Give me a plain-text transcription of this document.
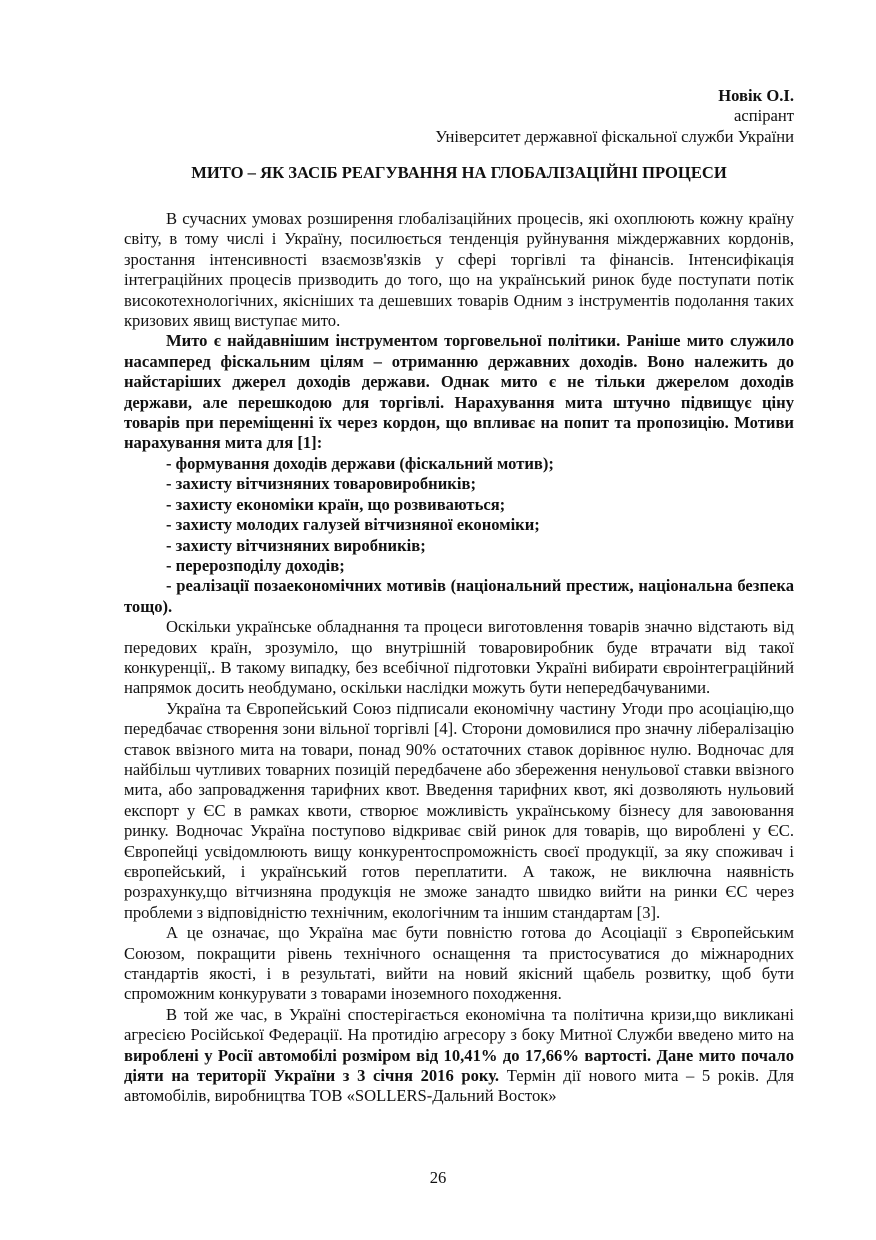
Новік О.І.
аспірант
Університет державної фіскальної служби України
МИТО – ЯК ЗАСІБ РЕАГУВАННЯ НА ГЛОБАЛІЗАЦІЙНІ ПРОЦЕСИ

В сучасних умовах розширення глобалізаційних процесів, які охоплюють кожну країну світу, в тому числі і Україну, посилюється тенденція руйнування міждержавних кордонів, зростання інтенсивності взаємозв'язків у сфері торгівлі та фінансів. Інтенсифікація інтеграційних процесів призводить до того, що на український ринок буде поступати потік високотехнологічних, якісніших та дешевших товарів Одним з інструментів подолання таких кризових явищ виступає мито.

Мито є найдавнішим інструментом торговельної політики. Раніше мито служило насамперед фіскальним цілям – отриманню державних доходів. Воно належить до найстаріших джерел доходів держави. Однак мито є не тільки джерелом доходів держави, але перешкодою для торгівлі. Нарахування мита штучно підвищує ціну товарів при переміщенні їх через кордон, що впливає на попит та пропозицію. Мотиви нарахування мита для [1]:

- формування доходів держави (фіскальний мотив);

- захисту вітчизняних товаровиробників;

- захисту економіки країн, що розвиваються;

- захисту молодих галузей вітчизняної економіки;

- захисту вітчизняних виробників;

- перерозподілу доходів;

- реалізації позаекономічних мотивів (національний престиж, національна безпека тощо).

Оскільки українське обладнання та процеси виготовлення товарів значно відстають від передових країн, зрозуміло, що внутрішній товаровиробник буде втрачати від такої конкуренції,. В такому випадку, без всебічної підготовки Україні вибирати євроінтеграційний напрямок досить необдумано, оскільки наслідки можуть бути непередбачуваними.

Україна та Європейський Союз підписали економічну частину Угоди про асоціацію,що передбачає створення зони вільної торгівлі [4]. Сторони домовилися про значну лібералізацію ставок ввізного мита на товари, понад 90% остаточних ставок дорівнює нулю. Водночас для найбільш чутливих товарних позицій передбачене або збереження ненульової ставки ввізного мита, або запровадження тарифних квот. Введення тарифних квот, які дозволяють нульовий експорт у ЄС в рамках квоти, створює можливість українському бізнесу для завоювання ринку. Водночас Україна поступово відкриває свій ринок для товарів, що вироблені у ЄС. Європейці усвідомлюють вищу конкурентоспроможність своєї продукції, за яку споживач і європейський, і український готов переплатити. А також, не виключна наявність розрахунку,що вітчизняна продукція не зможе занадто швидко вийти на ринки ЄС через проблеми з відповідністю технічним, екологічним та іншим стандартам [3].

А це означає, що Україна має бути повністю готова до Асоціації з Європейським Союзом, покращити рівень технічного оснащення та пристосуватися до міжнародних стандартів якості, і в результаті, вийти на новий якісний щабель розвитку, щоб бути спроможним конкурувати з товарами іноземного походження.

В той же час, в Україні спостерігається економічна та політична кризи,що викликані агресією Російської Федерації. На протидію агресору з боку Митної Служби введено мито на вироблені у Росії автомобілі розміром від 10,41% до 17,66% вартості. Дане мито почало діяти на території України з 3 січня 2016 року. Термін дії нового мита – 5 років. Для автомобілів, виробництва ТОВ «SOLLERS-Дальний Восток»

26
